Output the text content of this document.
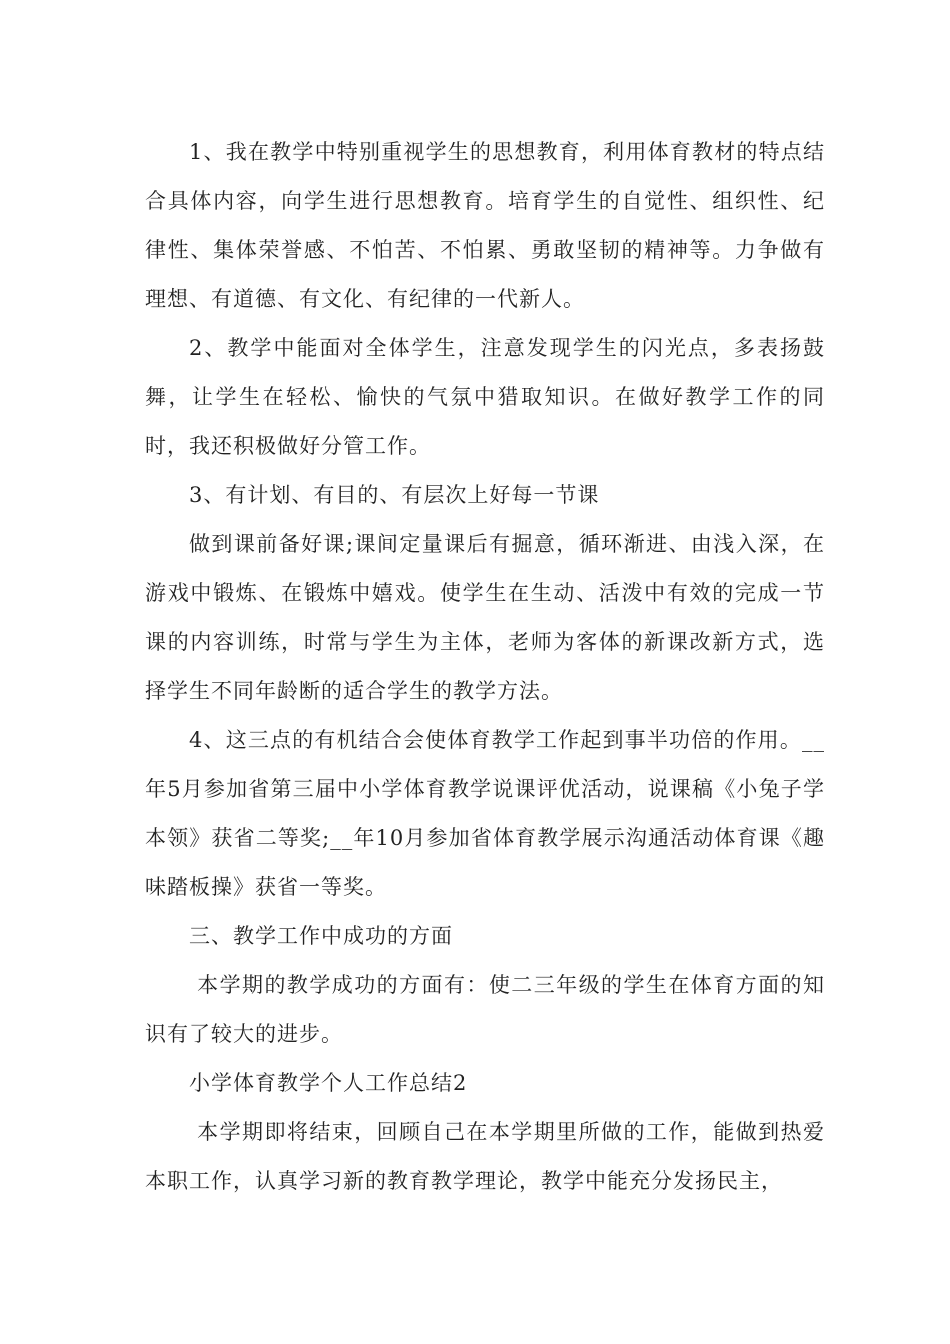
1、我在教学中特别重视学生的思想教育，利用体育教材的特点结合具体内容，向学生进行思想教育。培育学生的自觉性、组织性、纪律性、集体荣誉感、不怕苦、不怕累、勇敢坚韧的精神等。力争做有理想、有道德、有文化、有纪律的一代新人。

2、教学中能面对全体学生，注意发现学生的闪光点，多表扬鼓舞，让学生在轻松、愉快的气氛中猎取知识。在做好教学工作的同时，我还积极做好分管工作。

3、有计划、有目的、有层次上好每一节课

做到课前备好课;课间定量课后有掘意，循环渐进、由浅入深，在游戏中锻炼、在锻炼中嬉戏。使学生在生动、活泼中有效的完成一节课的内容训练，时常与学生为主体，老师为客体的新课改新方式，选择学生不同年龄断的适合学生的教学方法。

4、这三点的有机结合会使体育教学工作起到事半功倍的作用。__年5月参加省第三届中小学体育教学说课评优活动，说课稿《小兔子学本领》获省二等奖;__年10月参加省体育教学展示沟通活动体育课《趣味踏板操》获省一等奖。

三、教学工作中成功的方面

本学期的教学成功的方面有：使二三年级的学生在体育方面的知识有了较大的进步。

小学体育教学个人工作总结2

本学期即将结束，回顾自己在本学期里所做的工作，能做到热爱本职工作，认真学习新的教育教学理论，教学中能充分发扬民主，
